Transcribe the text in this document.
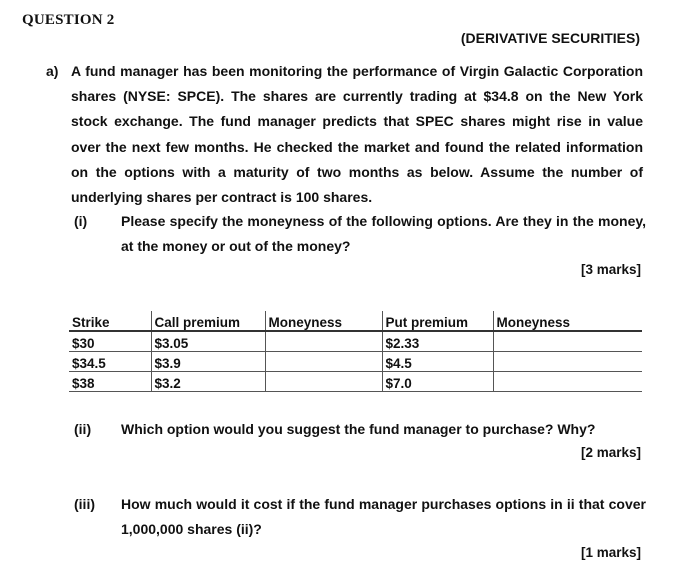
QUESTION 2
(DERIVATIVE SECURITIES)
a) A fund manager has been monitoring the performance of Virgin Galactic Corporation shares (NYSE: SPCE). The shares are currently trading at $34.8 on the New York stock exchange. The fund manager predicts that SPEC shares might rise in value over the next few months. He checked the market and found the related information on the options with a maturity of two months as below. Assume the number of underlying shares per contract is 100 shares.
(i) Please specify the moneyness of the following options. Are they in the money, at the money or out of the money?
[3 marks]
Strike	Call premium	Moneyness	Put premium	Moneyness
$30	$3.05		$2.33	
$34.5	$3.9		$4.5	
$38	$3.2		$7.0	
(ii) Which option would you suggest the fund manager to purchase? Why?
[2 marks]
(iii) How much would it cost if the fund manager purchases options in ii that cover 1,000,000 shares (ii)?
[1 marks]
